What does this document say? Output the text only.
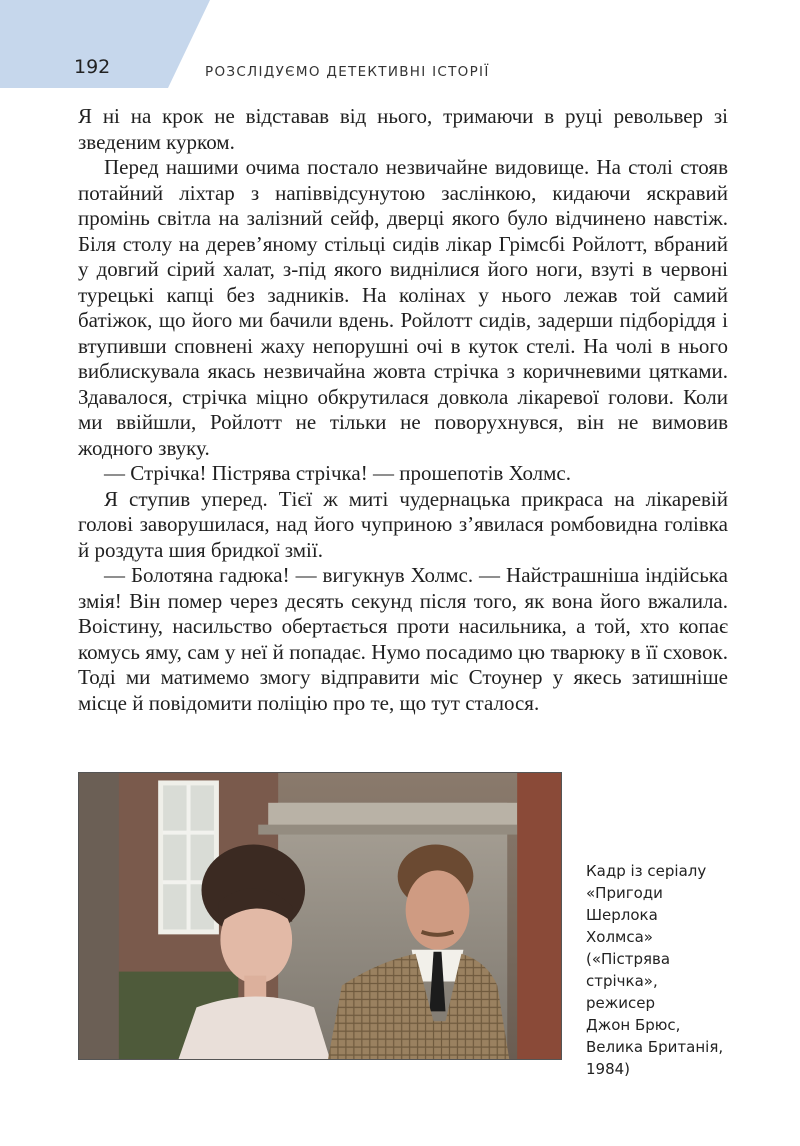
192	РОЗСЛІДУЄМО ДЕТЕКТИВНІ ІСТОРІЇ

Я ні на крок не відставав від нього, тримаючи в руці револьвер зі зведеним курком.

Перед нашими очима постало незвичайне видовище. На столі стояв потайний ліхтар з напіввідсунутою заслінкою, кидаючи яскравий промінь світла на залізний сейф, дверці якого було відчинено навстіж. Біля столу на дерев’яному стільці сидів лікар Грімсбі Ройлотт, вбраний у довгий сірий халат, з-під якого виднілися його ноги, взуті в червоні турецькі капці без задників. На колінах у нього лежав той самий батіжок, що його ми бачили вдень. Ройлотт сидів, задерши підборіддя і втупивши сповнені жаху непорушні очі в куток стелі. На чолі в нього виблискувала якась незвичайна жовта стрічка з коричневими цятками. Здавалося, стрічка міцно обкрутилася довкола лікаревої голови. Коли ми ввійшли, Ройлотт не тільки не поворухнувся, він не вимовив жодного звуку.

— Стрічка! Пістрява стрічка! — прошепотів Холмс.

Я ступив уперед. Тієї ж миті чудернацька прикраса на лікаревій голові заворушилася, над його чуприною з’явилася ромбовидна голівка й роздута шия бридкої змії.

— Болотяна гадюка! — вигукнув Холмс. — Найстрашніша індійська змія! Він помер через десять секунд після того, як вона його вжалила. Воістину, насильство обертається проти насильника, а той, хто копає комусь яму, сам у неї й попадає. Нумо посадимо цю тварюку в її сховок. Тоді ми матимемо змогу відправити міс Стоунер у якесь затишніше місце й повідомити поліцію про те, що тут сталося.

Кадр із серіалу
«Пригоди
Шерлока
Холмса»
(«Пістрява
стрічка»,
режисер
Джон Брюс,
Велика Британія,
1984)
